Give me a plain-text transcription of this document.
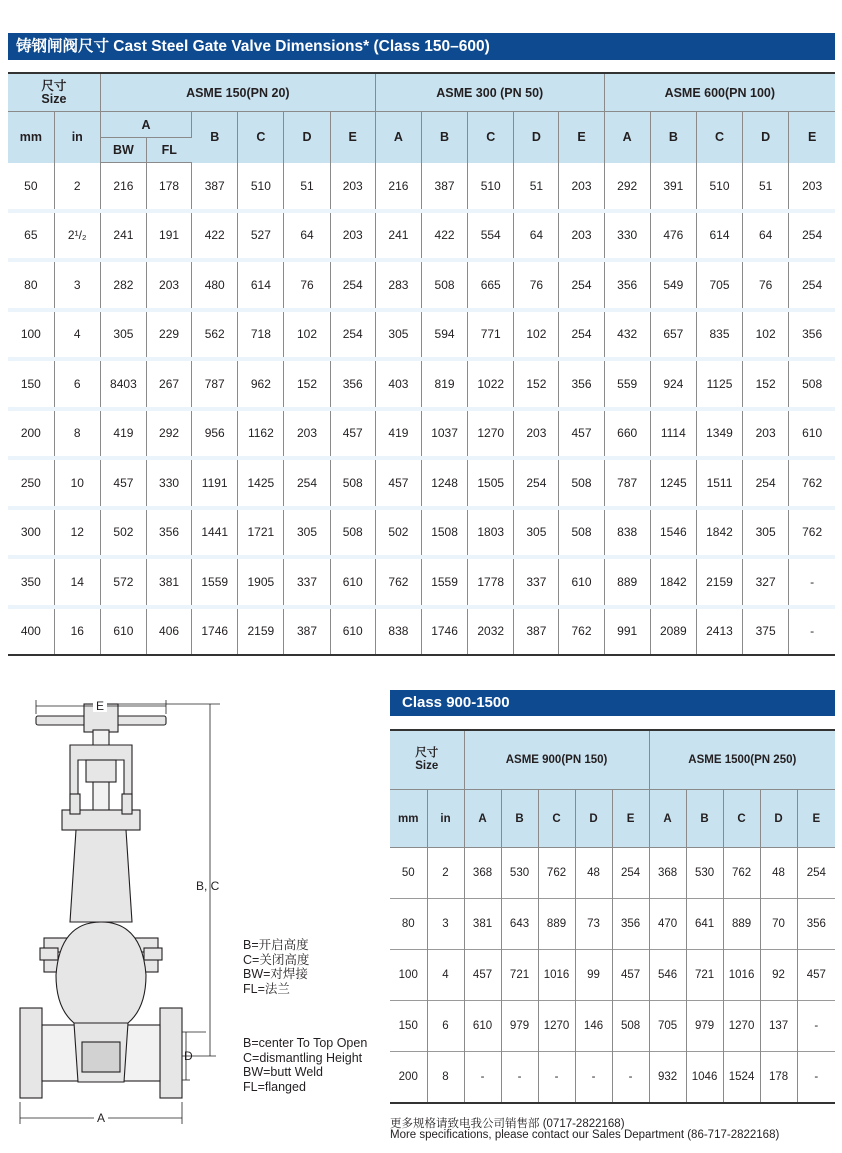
铸钢闸阀尺寸 Cast Steel Gate Valve Dimensions* (Class 150–600)
尺寸
Size		ASME 150(PN 20)						ASME 300 (PN 50)					ASME 600(PN 100)				
mm	in	A		B	C	D	E	A	B	C	D	E	A	B	C	D	E
		BW	FL														
50	2	216	178	387	510	51	203	216	387	510	51	203	292	391	510	51	203
65	2¹/₂	241	191	422	527	64	203	241	422	554	64	203	330	476	614	64	254
80	3	282	203	480	614	76	254	283	508	665	76	254	356	549	705	76	254
100	4	305	229	562	718	102	254	305	594	771	102	254	432	657	835	102	356
150	6	8403	267	787	962	152	356	403	819	1022	152	356	559	924	1125	152	508
200	8	419	292	956	1162	203	457	419	1037	1270	203	457	660	1114	1349	203	610
250	10	457	330	1191	1425	254	508	457	1248	1505	254	508	787	1245	1511	254	762
300	12	502	356	1441	1721	305	508	502	1508	1803	305	508	838	1546	1842	305	762
350	14	572	381	1559	1905	337	610	762	1559	1778	337	610	889	1842	2159	327	-
400	16	610	406	1746	2159	387	610	838	1746	2032	387	762	991	2089	2413	375	-
E
B, C
D
A
B=开启高度
C=关闭高度
BW=对焊接
FL=法兰
B=center To Top Open
C=dismantling Height
BW=butt Weld
FL=flanged
Class 900-1500
尺寸
Size		ASME 900(PN 150)					ASME 1500(PN 250)				
mm	in	A	B	C	D	E	A	B	C	D	E
50	2	368	530	762	48	254	368	530	762	48	254
80	3	381	643	889	73	356	470	641	889	70	356
100	4	457	721	1016	99	457	546	721	1016	92	457
150	6	610	979	1270	146	508	705	979	1270	137	-
200	8	-	-	-	-	-	932	1046	1524	178	-
更多规格请致电我公司销售部 (0717-2822168)
More specifications, please contact our Sales Department (86-717-2822168)
